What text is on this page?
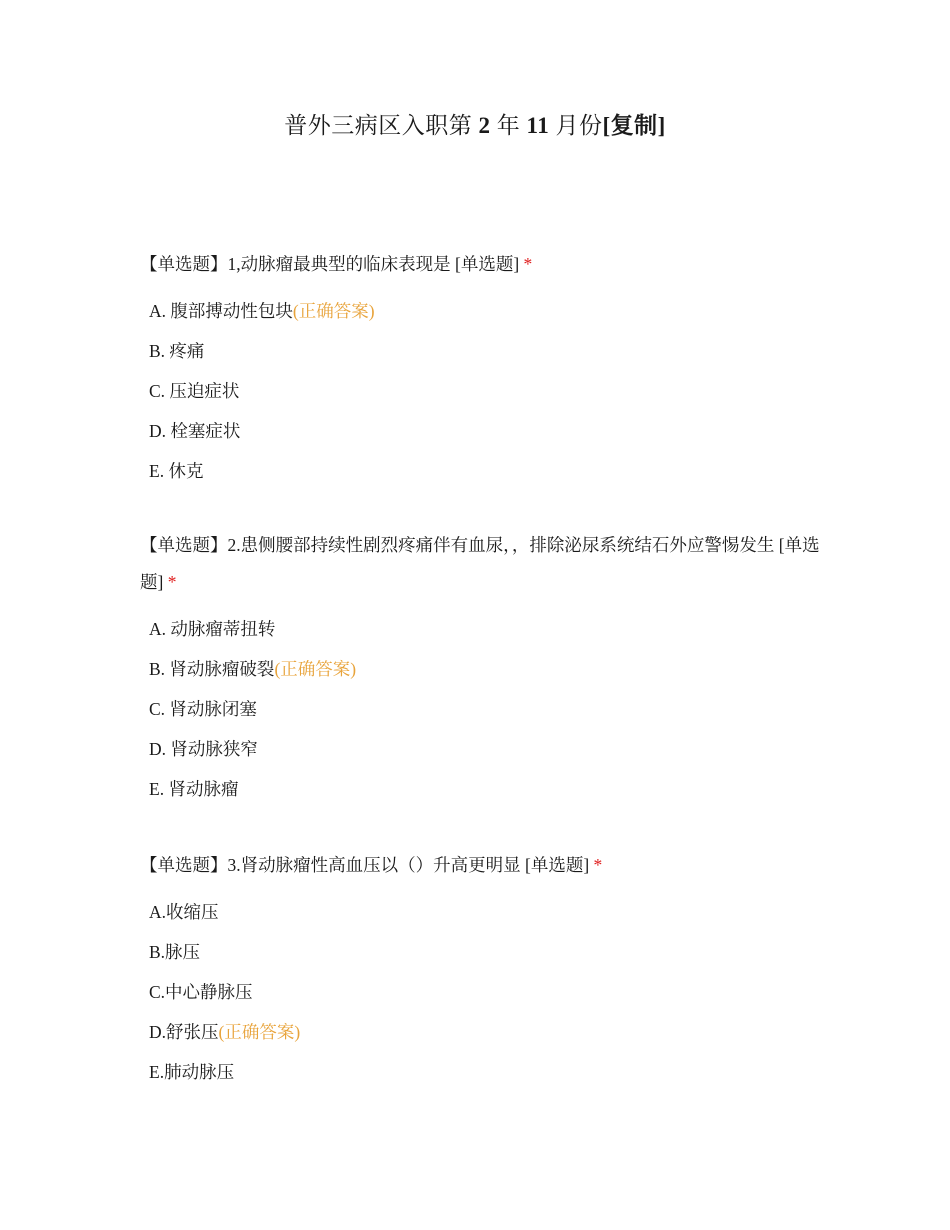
普外三病区入职第 2 年 11 月份[复制]

【单选题】1,动脉瘤最典型的临床表现是 [单选题] *

A. 腹部搏动性包块(正确答案)
B. 疼痛
C. 压迫症状
D. 栓塞症状
E. 休克

【单选题】2.患侧腰部持续性剧烈疼痛伴有血尿，，排除泌尿系统结石外应警惕发生 [单选题] *

A. 动脉瘤蒂扭转
B. 肾动脉瘤破裂(正确答案)
C. 肾动脉闭塞
D. 肾动脉狭窄
E. 肾动脉瘤

【单选题】3.肾动脉瘤性高血压以（）升高更明显 [单选题] *

A.收缩压
B.脉压
C.中心静脉压
D.舒张压(正确答案)
E.肺动脉压
